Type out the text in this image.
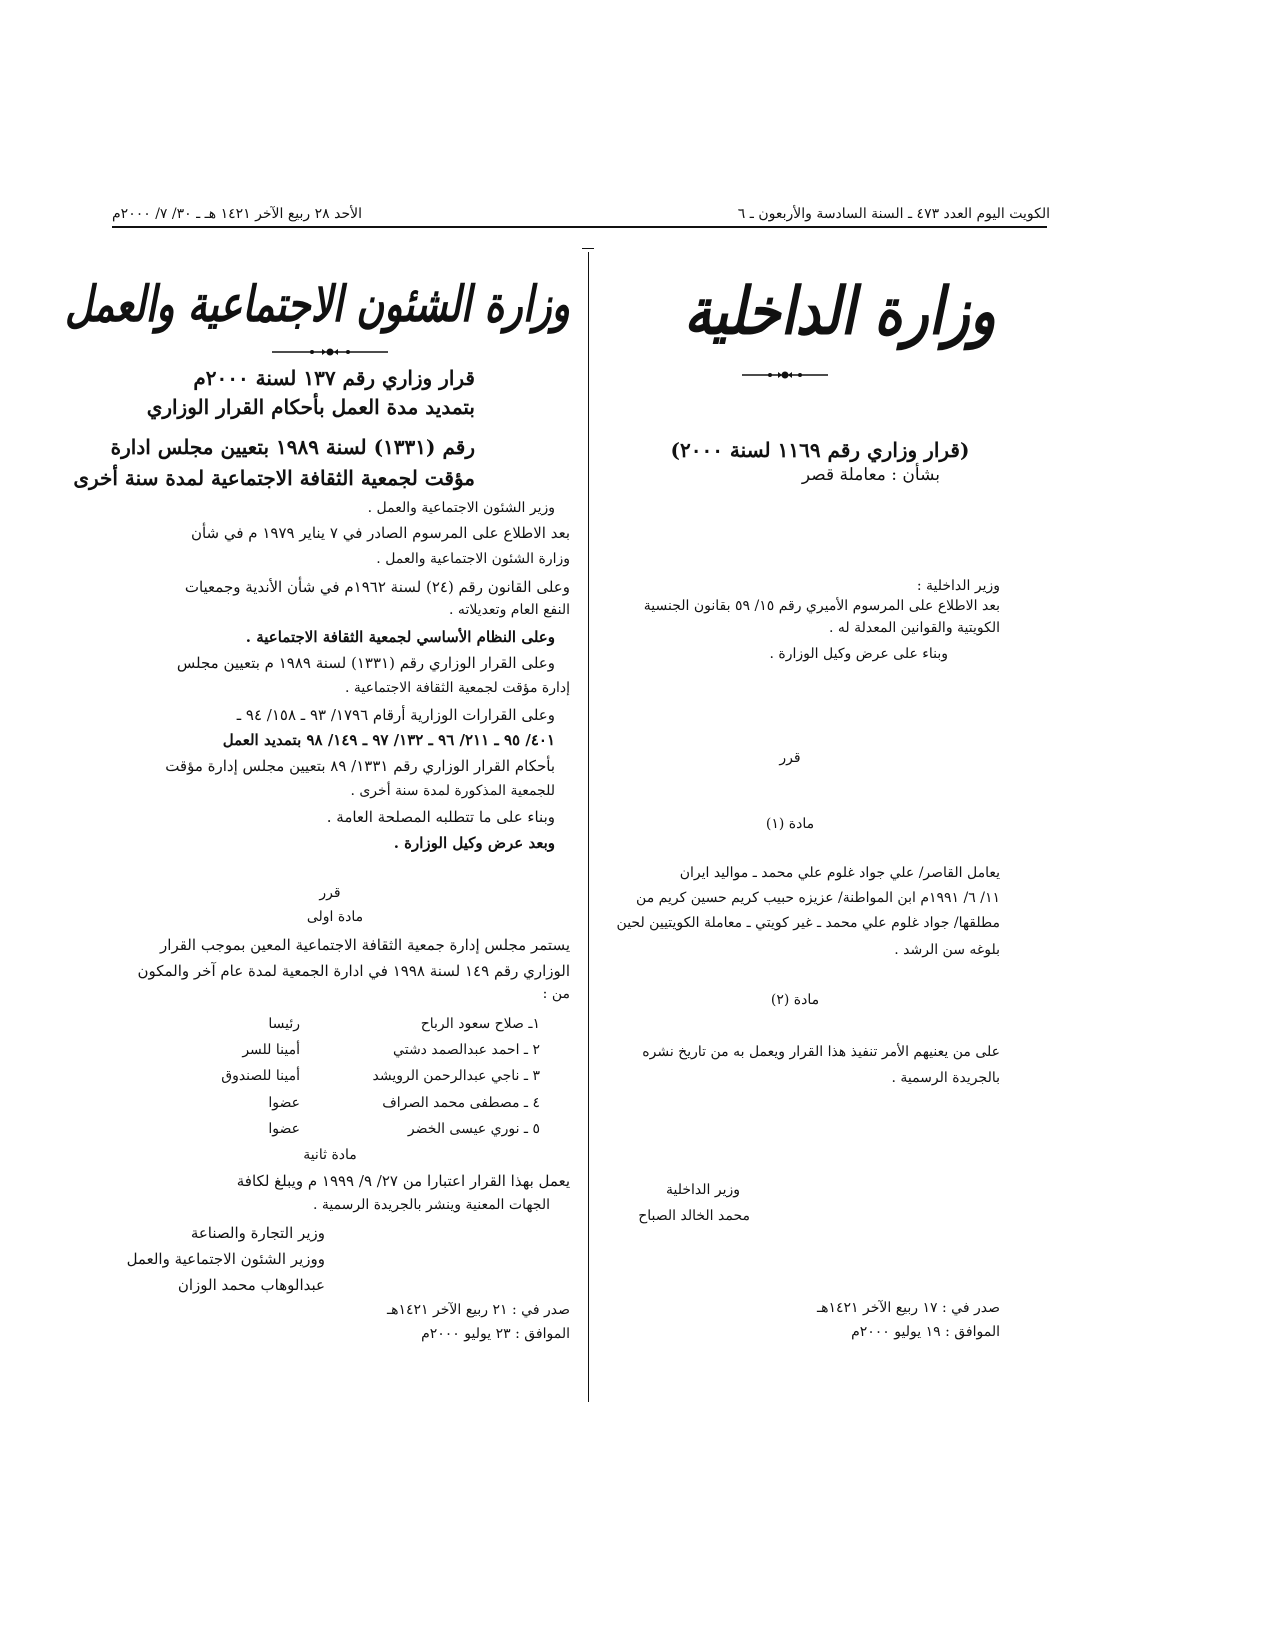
الكويت اليوم العدد ٤٧٣ ـ السنة السادسة والأربعون ـ ٦
الأحد ٢٨ ربيع الآخر ١٤٢١ هـ ـ ٣٠/ ٧/ ٢٠٠٠م
وزارة الداخلية
(قرار وزاري رقم ١١٦٩ لسنة ٢٠٠٠)
بشأن : معاملة قصر
وزير الداخلية :
بعد الاطلاع على المرسوم الأميري رقم ١٥/ ٥٩ بقانون الجنسية
الكويتية والقوانين المعدلة له .
وبناء على عرض وكيل الوزارة .
قرر
مادة (١)
يعامل القاصر/ علي جواد غلوم علي محمد ـ مواليد ايران
١١/ ٦/ ١٩٩١م ابن المواطنة/ عزيزه حبيب كريم حسين كريم من
مطلقها/ جواد غلوم علي محمد ـ غير كويتي ـ معاملة الكويتيين لحين
بلوغه سن الرشد .
مادة (٢)
على من يعنيهم الأمر تنفيذ هذا القرار ويعمل به من تاريخ نشره
بالجريدة الرسمية .
وزير الداخلية
محمد الخالد الصباح
صدر في : ١٧ ربيع الآخر ١٤٢١هـ
الموافق : ١٩ يوليو ٢٠٠٠م
وزارة الشئون الاجتماعية والعمل
قرار وزاري رقم ١٣٧ لسنة ٢٠٠٠م
بتمديد مدة العمل بأحكام القرار الوزاري
رقم (١٣٣١) لسنة ١٩٨٩ بتعيين مجلس ادارة
مؤقت لجمعية الثقافة الاجتماعية لمدة سنة أخرى
وزير الشئون الاجتماعية والعمل .
بعد الاطلاع على المرسوم الصادر في ٧ يناير ١٩٧٩ م في شأن
وزارة الشئون الاجتماعية والعمل .
وعلى القانون رقم (٢٤) لسنة ١٩٦٢م في شأن الأندية وجمعيات
النفع العام وتعديلاته .
وعلى النظام الأساسي لجمعية الثقافة الاجتماعية .
وعلى القرار الوزاري رقم (١٣٣١) لسنة ١٩٨٩ م بتعيين مجلس
إدارة مؤقت لجمعية الثقافة الاجتماعية .
وعلى القرارات الوزارية أرقام ١٧٩٦/ ٩٣ ـ ١٥٨/ ٩٤ ـ
٤٠١/ ٩٥ ـ ٢١١/ ٩٦ ـ ١٣٢/ ٩٧ ـ ١٤٩/ ٩٨ بتمديد العمل
بأحكام القرار الوزاري رقم ١٣٣١/ ٨٩ بتعيين مجلس إدارة مؤقت
للجمعية المذكورة لمدة سنة أخرى .
وبناء على ما تتطلبه المصلحة العامة .
وبعد عرض وكيل الوزارة .
قرر
مادة اولى
يستمر مجلس إدارة جمعية الثقافة الاجتماعية المعين بموجب القرار
الوزاري رقم ١٤٩ لسنة ١٩٩٨ في ادارة الجمعية لمدة عام آخر والمكون
من :
١ـ صلاح سعود الرباح
رئيسا
٢ ـ احمد عبدالصمد دشتي
أمينا للسر
٣ ـ ناجي عبدالرحمن الرويشد
أمينا للصندوق
٤ ـ مصطفى محمد الصراف
عضوا
٥ ـ نوري عيسى الخضر
عضوا
مادة ثانية
يعمل بهذا القرار اعتبارا من ٢٧/ ٩/ ١٩٩٩ م ويبلغ لكافة
الجهات المعنية وينشر بالجريدة الرسمية .
وزير التجارة والصناعة
ووزير الشئون الاجتماعية والعمل
عبدالوهاب محمد الوزان
صدر في : ٢١ ربيع الآخر ١٤٢١هـ
الموافق : ٢٣ يوليو ٢٠٠٠م
